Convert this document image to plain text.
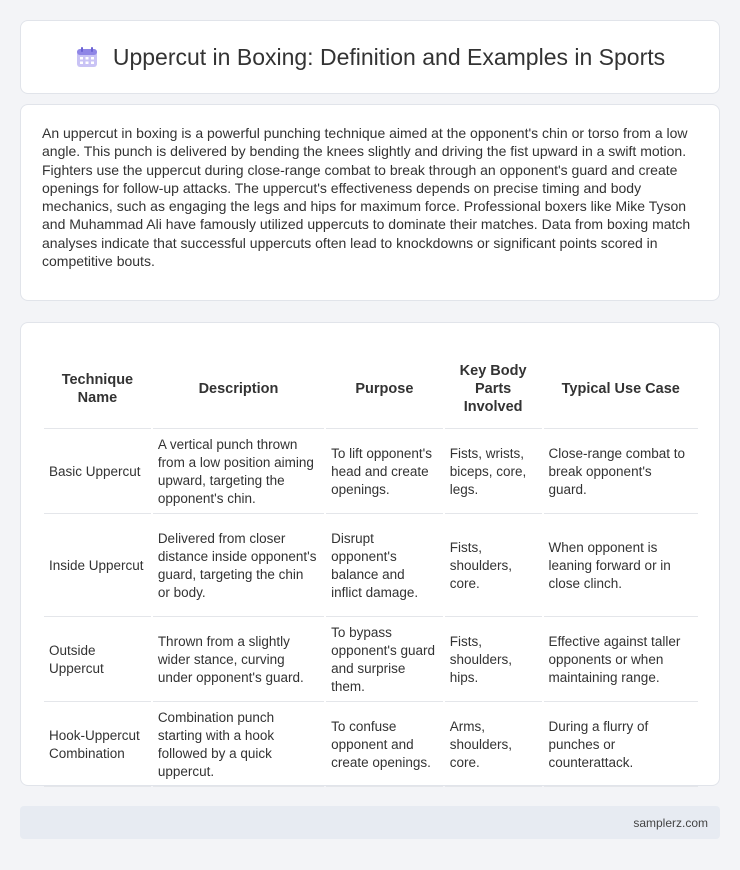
Uppercut in Boxing: Definition and Examples in Sports

An uppercut in boxing is a powerful punching technique aimed at the opponent's chin or torso from a low angle. This punch is delivered by bending the knees slightly and driving the fist upward in a swift motion. Fighters use the uppercut during close-range combat to break through an opponent's guard and create openings for follow-up attacks. The uppercut's effectiveness depends on precise timing and body mechanics, such as engaging the legs and hips for maximum force. Professional boxers like Mike Tyson and Muhammad Ali have famously utilized uppercuts to dominate their matches. Data from boxing match analyses indicate that successful uppercuts often lead to knockdowns or significant points scored in competitive bouts.

Technique Name	Description	Purpose	Key Body Parts Involved	Typical Use Case
Basic Uppercut	A vertical punch thrown from a low position aiming upward, targeting the opponent's chin.	To lift opponent's head and create openings.	Fists, wrists, biceps, core, legs.	Close-range combat to break opponent's guard.
Inside Uppercut	Delivered from closer distance inside opponent's guard, targeting the chin or body.	Disrupt opponent's balance and inflict damage.	Fists, shoulders, core.	When opponent is leaning forward or in close clinch.
Outside Uppercut	Thrown from a slightly wider stance, curving under opponent's guard.	To bypass opponent's guard and surprise them.	Fists, shoulders, hips.	Effective against taller opponents or when maintaining range.
Hook-Uppercut Combination	Combination punch starting with a hook followed by a quick uppercut.	To confuse opponent and create openings.	Arms, shoulders, core.	During a flurry of punches or counterattack.
samplerz.com
